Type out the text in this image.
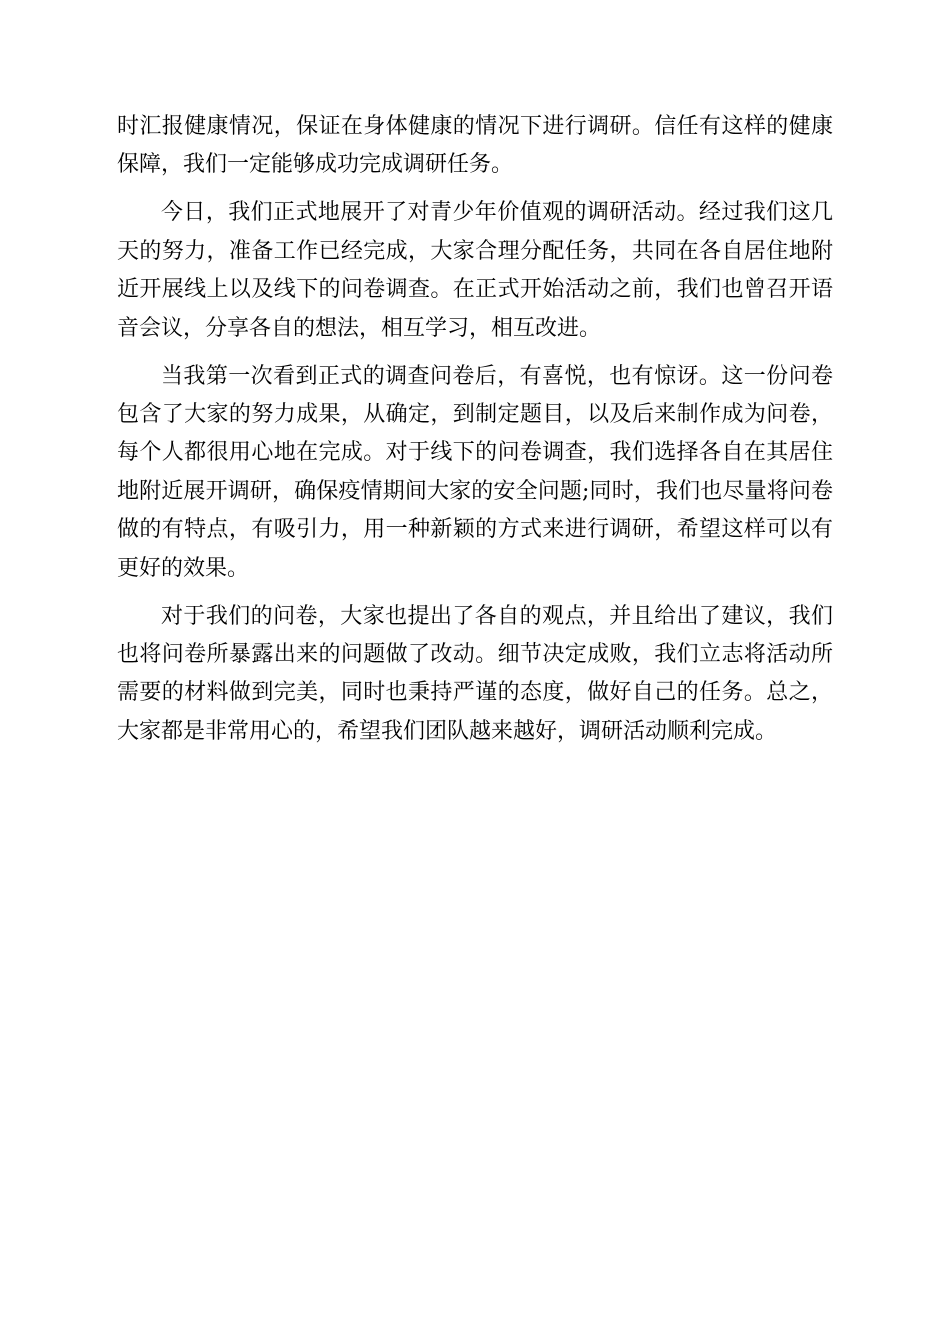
时汇报健康情况，保证在身体健康的情况下进行调研。信任有这样的健康保障，我们一定能够成功完成调研任务。

今日，我们正式地展开了对青少年价值观的调研活动。经过我们这几天的努力，准备工作已经完成，大家合理分配任务，共同在各自居住地附近开展线上以及线下的问卷调查。在正式开始活动之前，我们也曾召开语音会议，分享各自的想法，相互学习，相互改进。

当我第一次看到正式的调查问卷后，有喜悦，也有惊讶。这一份问卷包含了大家的努力成果，从确定，到制定题目，以及后来制作成为问卷，每个人都很用心地在完成。对于线下的问卷调查，我们选择各自在其居住地附近展开调研，确保疫情期间大家的安全问题;同时，我们也尽量将问卷做的有特点，有吸引力，用一种新颖的方式来进行调研，希望这样可以有更好的效果。

对于我们的问卷，大家也提出了各自的观点，并且给出了建议，我们也将问卷所暴露出来的问题做了改动。细节决定成败，我们立志将活动所需要的材料做到完美，同时也秉持严谨的态度，做好自己的任务。总之，大家都是非常用心的，希望我们团队越来越好，调研活动顺利完成。
